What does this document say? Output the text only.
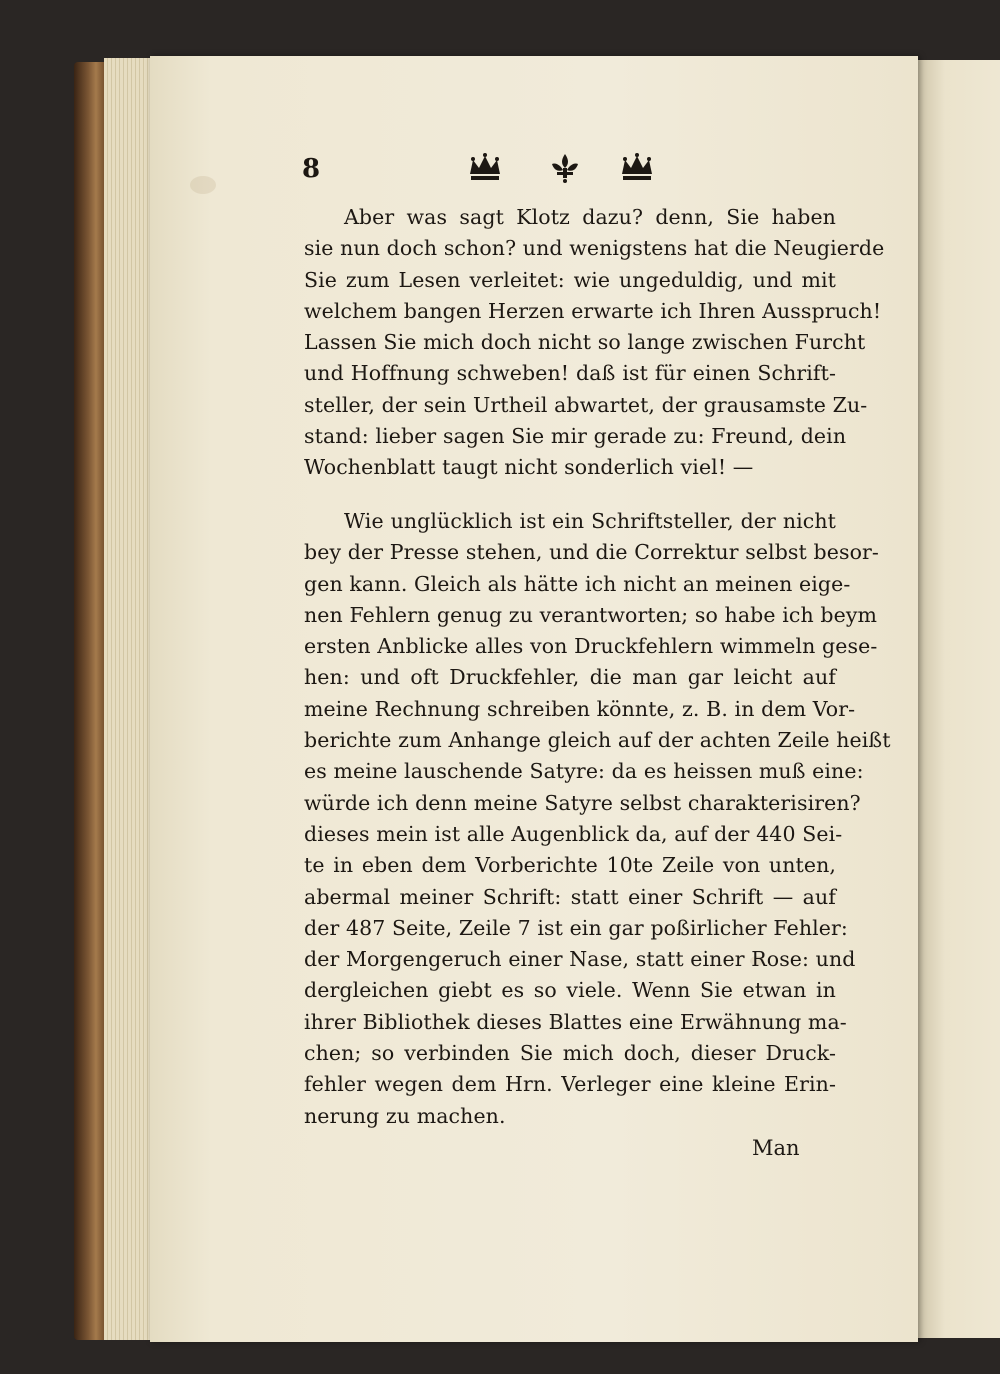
8
Aber was sagt Klotz dazu? denn, Sie haben
sie nun doch schon? und wenigstens hat die Neugierde
Sie zum Lesen verleitet: wie ungeduldig, und mit
welchem bangen Herzen erwarte ich Ihren Ausspruch!
Lassen Sie mich doch nicht so lange zwischen Furcht
und Hoffnung schweben! daß ist für einen Schrift-
steller, der sein Urtheil abwartet, der grausamste Zu-
stand: lieber sagen Sie mir gerade zu: Freund, dein
Wochenblatt taugt nicht sonderlich viel! —
Wie unglücklich ist ein Schriftsteller, der nicht
bey der Presse stehen, und die Correktur selbst besor-
gen kann. Gleich als hätte ich nicht an meinen eige-
nen Fehlern genug zu verantworten; so habe ich beym
ersten Anblicke alles von Druckfehlern wimmeln gese-
hen: und oft Druckfehler, die man gar leicht auf
meine Rechnung schreiben könnte, z. B. in dem Vor-
berichte zum Anhange gleich auf der achten Zeile heißt
es meine lauschende Satyre: da es heissen muß eine:
würde ich denn meine Satyre selbst charakterisiren?
dieses mein ist alle Augenblick da, auf der 440 Sei-
te in eben dem Vorberichte 10te Zeile von unten,
abermal meiner Schrift: statt einer Schrift — auf
der 487 Seite, Zeile 7 ist ein gar poßirlicher Fehler:
der Morgengeruch einer Nase, statt einer Rose: und
dergleichen giebt es so viele. Wenn Sie etwan in
ihrer Bibliothek dieses Blattes eine Erwähnung ma-
chen; so verbinden Sie mich doch, dieser Druck-
fehler wegen dem Hrn. Verleger eine kleine Erin-
nerung zu machen.
Man
